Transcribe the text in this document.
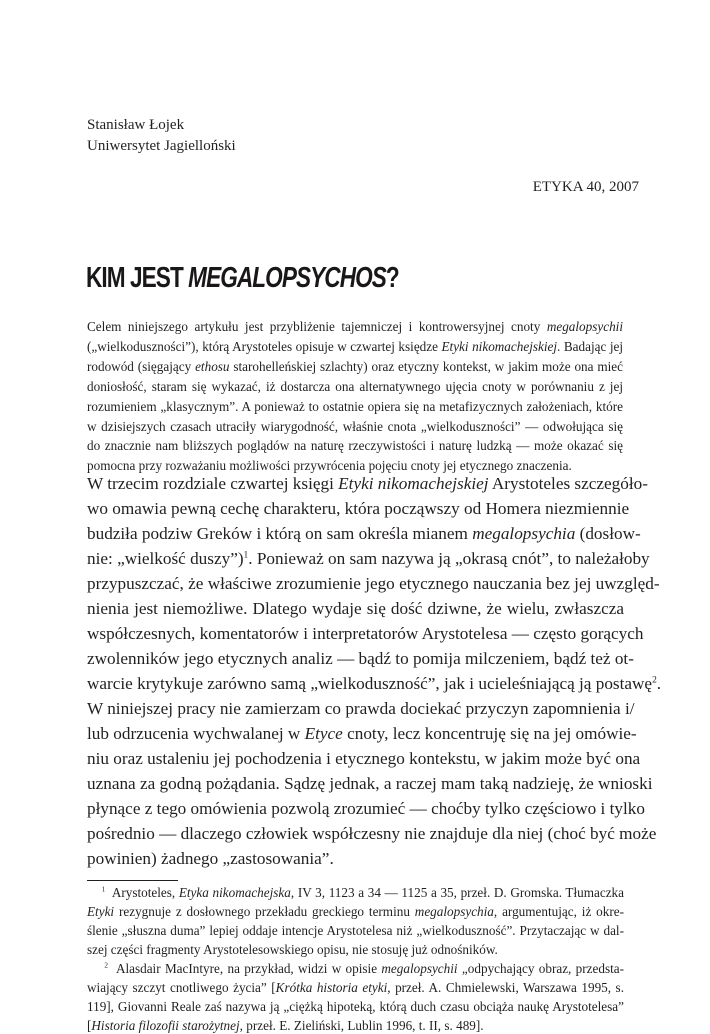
Stanisław Łojek
Uniwersytet Jagielloński
ETYKA 40, 2007
KIM JEST MEGALOPSYCHOS?
Celem niniejszego artykułu jest przybliżenie tajemniczej i kontrowersyjnej cnoty megalopsychii
(„wielkoduszności”), którą Arystoteles opisuje w czwartej księdze Etyki nikomachejskiej. Badając jej
rodowód (sięgający ethosu starohelleńskiej szlachty) oraz etyczny kontekst, w jakim może ona mieć
doniosłość, staram się wykazać, iż dostarcza ona alternatywnego ujęcia cnoty w porównaniu z jej
rozumieniem „klasycznym”. A ponieważ to ostatnie opiera się na metafizycznych założeniach, które
w dzisiejszych czasach utraciły wiarygodność, właśnie cnota „wielkoduszności” — odwołująca się
do znacznie nam bliższych poglądów na naturę rzeczywistości i naturę ludzką — może okazać się
pomocna przy rozważaniu możliwości przywrócenia pojęciu cnoty jej etycznego znaczenia.
W trzecim rozdziale czwartej księgi Etyki nikomachejskiej Arystoteles szczegóło-
wo omawia pewną cechę charakteru, która począwszy od Homera niezmiennie
budziła podziw Greków i którą on sam określa mianem megalopsychia (dosłow-
nie: „wielkość duszy”)$^1$. Ponieważ on sam nazywa ją „okrasą cnót”, to należałoby
przypuszczać, że właściwe zrozumienie jego etycznego nauczania bez jej uwzględ-
nienia jest niemożliwe. Dlatego wydaje się dość dziwne, że wielu, zwłaszcza
współczesnych, komentatorów i interpretatorów Arystotelesa — często gorących
zwolenników jego etycznych analiz — bądź to pomija milczeniem, bądź też ot-
warcie krytykuje zarówno samą „wielkoduszność”, jak i ucieleśniającą ją postawę$^2$.
W niniejszej pracy nie zamierzam co prawda dociekać przyczyn zapomnienia i/
lub odrzucenia wychwalanej w Etyce cnoty, lecz koncentruję się na jej omówie-
niu oraz ustaleniu jej pochodzenia i etycznego kontekstu, w jakim może być ona
uznana za godną pożądania. Sądzę jednak, a raczej mam taką nadzieję, że wnioski
płynące z tego omówienia pozwolą zrozumieć — choćby tylko częściowo i tylko
pośrednio — dlaczego człowiek współczesny nie znajduje dla niej (choć być może
powinien) żadnego „zastosowania”.
$^1$ Arystoteles, Etyka nikomachejska, IV 3, 1123 a 34 — 1125 a 35, przeł. D. Gromska. Tłumaczka
Etyki rezygnuje z dosłownego przekładu greckiego terminu megalopsychia, argumentując, iż okre-
ślenie „słuszna duma” lepiej oddaje intencje Arystotelesa niż „wielkoduszność”. Przytaczając w dal-
szej części fragmenty Arystotelesowskiego opisu, nie stosuję już odnośników.
$^2$ Alasdair MacIntyre, na przykład, widzi w opisie megalopsychii „odpychający obraz, przedsta-
wiający szczyt cnotliwego życia” [Krótka historia etyki, przeł. A. Chmielewski, Warszawa 1995, s.
119], Giovanni Reale zaś nazywa ją „ciężką hipoteką, którą duch czasu obciąża naukę Arystotelesa”
[Historia filozofii starożytnej, przeł. E. Zieliński, Lublin 1996, t. II, s. 489].
